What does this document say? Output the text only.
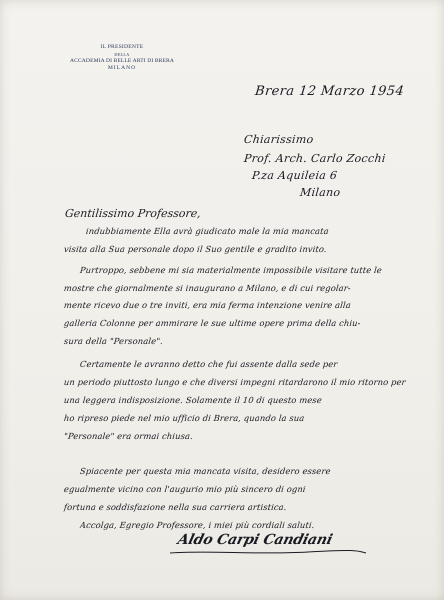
IL PRESIDENTE
DELLA
ACCADEMIA DI BELLE ARTI DI BRERA
MILANO
Brera 12 Marzo 1954
Chiarissimo
Prof. Arch. Carlo Zocchi
P.za Aquileia 6
Milano
Gentilissimo Professore,
indubbiamente Ella avrà giudicato male la mia mancata
visita alla Sua personale dopo il Suo gentile e gradito invito.
Purtroppo, sebbene mi sia materialmente impossibile visitare tutte le
mostre che giornalmente si inaugurano a Milano, e di cui regolar-
mente ricevo due o tre inviti, era mia ferma intenzione venire alla
galleria Colonne per ammirare le sue ultime opere prima della chiu-
sura della "Personale".
Certamente le avranno detto che fui assente dalla sede per
un periodo piuttosto lungo e che diversi impegni ritardarono il mio ritorno per
una leggera indisposizione. Solamente il 10 di questo mese
ho ripreso piede nel mio ufficio di Brera, quando la sua
"Personale" era ormai chiusa.
Spiacente per questa mia mancata visita, desidero essere
egualmente vicino con l'augurio mio più sincero di ogni
fortuna e soddisfazione nella sua carriera artistica.
Accolga, Egregio Professore, i miei più cordiali saluti.
Aldo Carpi Candiani
